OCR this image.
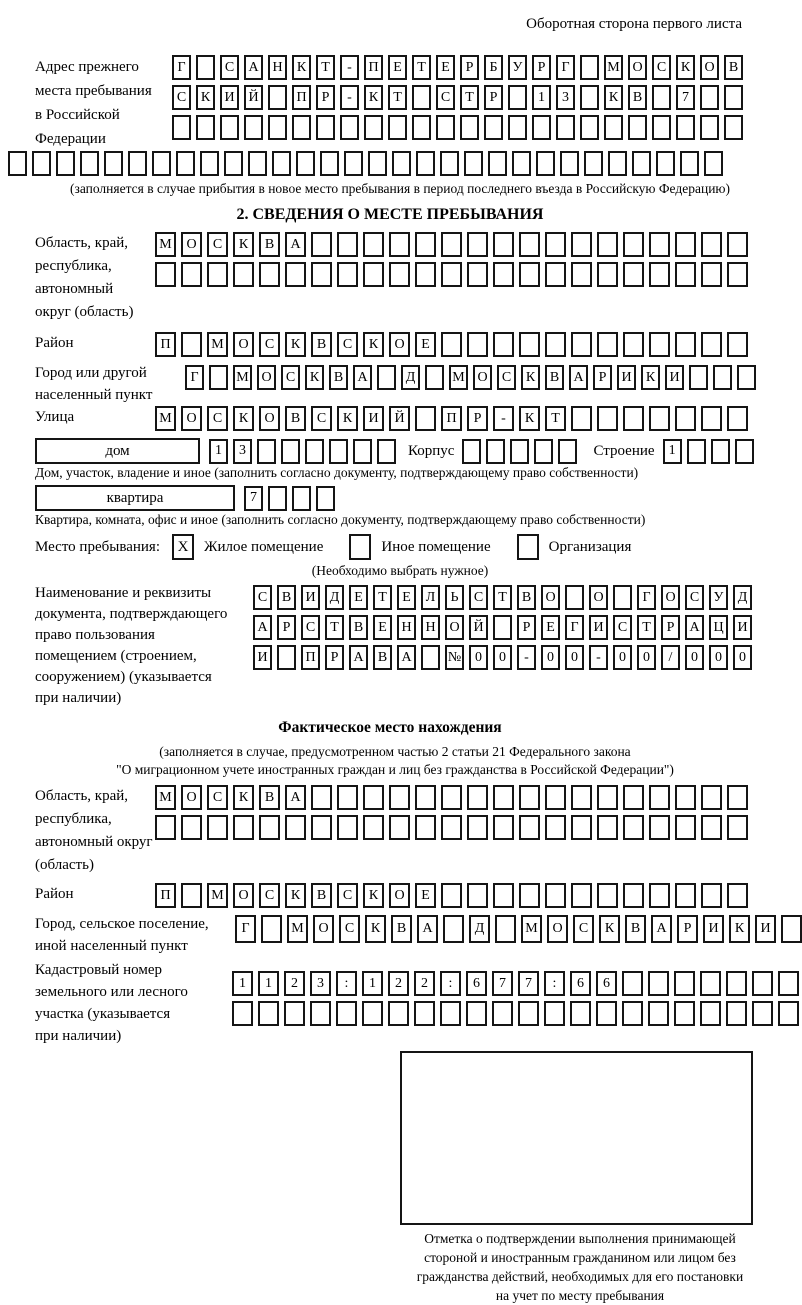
Оборотная сторона первого листа
Адрес прежнего
места пребывания
в Российской
Федерации
Г	С	А Н	К	Т	-	П	Е	Т	Е	Р	Б	У	Р	Г	М О	С	К	О	В
С	К	И Й	П	Р	-	К	Т	С	Т	Р	1	3	К	В	7
(заполняется в случае прибытия в новое место пребывания в период последнего въезда в Российскую Федерацию)
2. СВЕДЕНИЯ О МЕСТЕ ПРЕБЫВАНИЯ
Область, край,
республика,
автономный
округ (область)
М	О	С	К	В	А
Район	П	М	О	С	К	В	С	К	О	Е
Город или другой
населенный пункт
Г	М О	С	К	В	А	Д	М О	С	К	В	А	Р	И	К	И
Улица	М	О	С	К	О	В	С	К	И	Й	П	Р	-	К	Т
дом	1	3	Корпус	Строение	1
Дом, участок, владение и иное (заполнить согласно документу, подтверждающему право собственности)
квартира	7
Квартира, комната, офис и иное (заполнить согласно документу, подтверждающему право собственности)
Место пребывания:	X	Жилое помещение	Иное помещение	Организация
(Необходимо выбрать нужное)
Наименование и реквизиты
документа, подтверждающего
право пользования
помещением (строением,
сооружением) (указывается
при наличии)
С	В	И	Д	Е	Т	Е	Л	Ь	С	Т	В	О	О	Г	О	С	У	Д
А	Р	С	Т	В	Е	Н Н О Й	Р	Е	Г	И	С	Т	Р	А Ц И
И	П	Р	А	В	А	№ 0	0	-	0	0	-	0	0	/	0	0	0
Фактическое место нахождения
(заполняется в случае, предусмотренном частью 2 статьи 21 Федерального закона
"О миграционном учете иностранных граждан и лиц без гражданства в Российской Федерации")
Область, край,
республика,
автономный округ
(область)
М	О	С	К	В	А
Район	П	М	О	С	К	В	С	К	О	Е
Город, сельское поселение,
иной населенный пункт
Г	М	О	С	К	В	А	Д	М	О	С	К	В	А	Р	И	К	И
Кадастровый номер
земельного или лесного
участка (указывается
при наличии)
1	1	2	3	:	1	2	2	:	6	7	7	:	6	6
Отметка о подтверждении выполнения принимающей
стороной и иностранным гражданином или лицом без
гражданства действий, необходимых для его постановки
на учет по месту пребывания
